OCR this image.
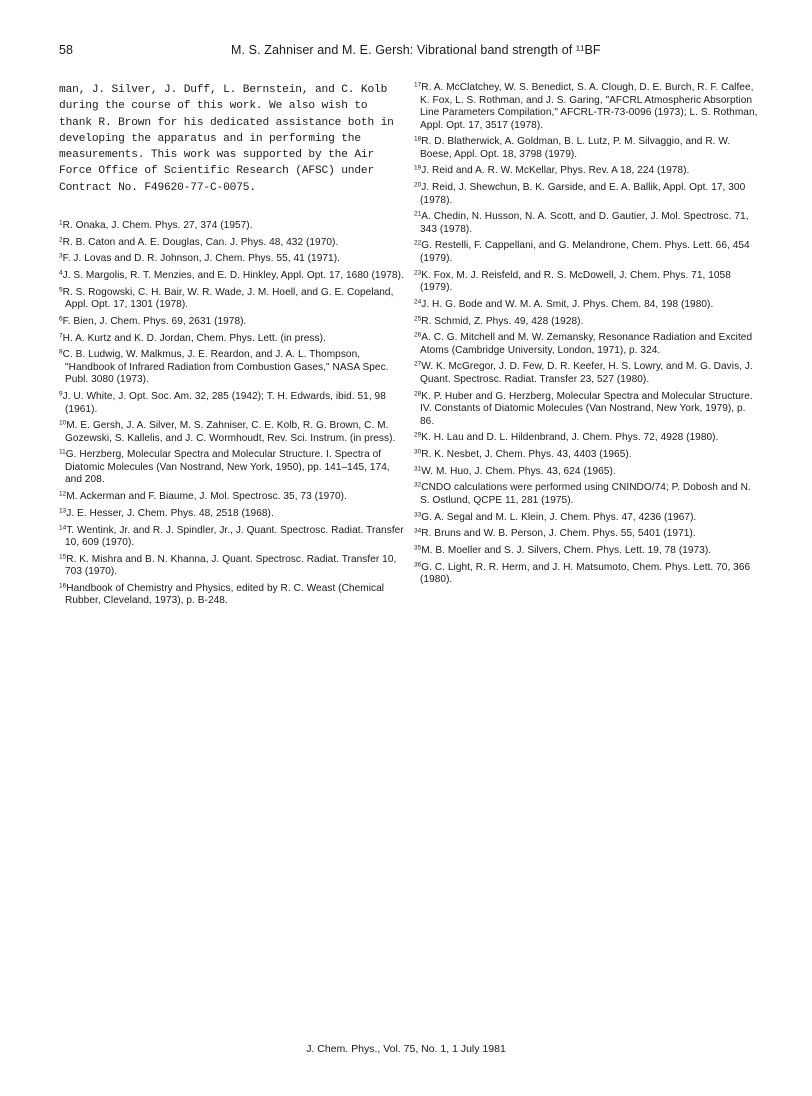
58	M. S. Zahniser and M. E. Gersh: Vibrational band strength of ¹¹BF

man, J. Silver, J. Duff, L. Bernstein, and C. Kolb during the course of this work. We also wish to thank R. Brown for his dedicated assistance both in developing the apparatus and in performing the measurements. This work was supported by the Air Force Office of Scientific Research (AFSC) under Contract No. F49620-77-C-0075.

$^1$R. Onaka, J. Chem. Phys. 27, 374 (1957).
$^2$R. B. Caton and A. E. Douglas, Can. J. Phys. 48, 432 (1970).
$^3$F. J. Lovas and D. R. Johnson, J. Chem. Phys. 55, 41 (1971).
$^4$J. S. Margolis, R. T. Menzies, and E. D. Hinkley, Appl. Opt. 17, 1680 (1978).
$^5$R. S. Rogowski, C. H. Bair, W. R. Wade, J. M. Hoell, and G. E. Copeland, Appl. Opt. 17, 1301 (1978).
$^6$F. Bien, J. Chem. Phys. 69, 2631 (1978).
$^7$H. A. Kurtz and K. D. Jordan, Chem. Phys. Lett. (in press).
$^8$C. B. Ludwig, W. Malkmus, J. E. Reardon, and J. A. L. Thompson, "Handbook of Infrared Radiation from Combustion Gases," NASA Spec. Publ. 3080 (1973).
$^9$J. U. White, J. Opt. Soc. Am. 32, 285 (1942); T. H. Edwards, ibid. 51, 98 (1961).
$^{10}$M. E. Gersh, J. A. Silver, M. S. Zahniser, C. E. Kolb, R. G. Brown, C. M. Gozewski, S. Kallelis, and J. C. Wormhoudt, Rev. Sci. Instrum. (in press).
$^{11}$G. Herzberg, Molecular Spectra and Molecular Structure. I. Spectra of Diatomic Molecules (Van Nostrand, New York, 1950), pp. 141–145, 174, and 208.
$^{12}$M. Ackerman and F. Biaume, J. Mol. Spectrosc. 35, 73 (1970).
$^{13}$J. E. Hesser, J. Chem. Phys. 48, 2518 (1968).
$^{14}$T. Wentink, Jr. and R. J. Spindler, Jr., J. Quant. Spectrosc. Radiat. Transfer 10, 609 (1970).
$^{15}$R. K. Mishra and B. N. Khanna, J. Quant. Spectrosc. Radiat. Transfer 10, 703 (1970).
$^{16}$Handbook of Chemistry and Physics, edited by R. C. Weast (Chemical Rubber, Cleveland, 1973), p. B-248.
$^{17}$R. A. McClatchey, W. S. Benedict, S. A. Clough, D. E. Burch, R. F. Calfee, K. Fox, L. S. Rothman, and J. S. Garing, "AFCRL Atmospheric Absorption Line Parameters Compilation," AFCRL-TR-73-0096 (1973); L. S. Rothman, Appl. Opt. 17, 3517 (1978).
$^{18}$R. D. Blatherwick, A. Goldman, B. L. Lutz, P. M. Silvaggio, and R. W. Boese, Appl. Opt. 18, 3798 (1979).
$^{19}$J. Reid and A. R. W. McKellar, Phys. Rev. A 18, 224 (1978).
$^{20}$J. Reid, J. Shewchun, B. K. Garside, and E. A. Ballik, Appl. Opt. 17, 300 (1978).
$^{21}$A. Chedin, N. Husson, N. A. Scott, and D. Gautier, J. Mol. Spectrosc. 71, 343 (1978).
$^{22}$G. Restelli, F. Cappellani, and G. Melandrone, Chem. Phys. Lett. 66, 454 (1979).
$^{23}$K. Fox, M. J. Reisfeld, and R. S. McDowell, J. Chem. Phys. 71, 1058 (1979).
$^{24}$J. H. G. Bode and W. M. A. Smit, J. Phys. Chem. 84, 198 (1980).
$^{25}$R. Schmid, Z. Phys. 49, 428 (1928).
$^{26}$A. C. G. Mitchell and M. W. Zemansky, Resonance Radiation and Excited Atoms (Cambridge University, London, 1971), p. 324.
$^{27}$W. K. McGregor, J. D. Few, D. R. Keefer, H. S. Lowry, and M. G. Davis, J. Quant. Spectrosc. Radiat. Transfer 23, 527 (1980).
$^{28}$K. P. Huber and G. Herzberg, Molecular Spectra and Molecular Structure. IV. Constants of Diatomic Molecules (Van Nostrand, New York, 1979), p. 86.
$^{29}$K. H. Lau and D. L. Hildenbrand, J. Chem. Phys. 72, 4928 (1980).
$^{30}$R. K. Nesbet, J. Chem. Phys. 43, 4403 (1965).
$^{31}$W. M. Huo, J. Chem. Phys. 43, 624 (1965).
$^{32}$CNDO calculations were performed using CNINDO/74; P. Dobosh and N. S. Ostlund, QCPE 11, 281 (1975).
$^{33}$G. A. Segal and M. L. Klein, J. Chem. Phys. 47, 4236 (1967).
$^{34}$R. Bruns and W. B. Person, J. Chem. Phys. 55, 5401 (1971).
$^{35}$M. B. Moeller and S. J. Silvers, Chem. Phys. Lett. 19, 78 (1973).
$^{36}$G. C. Light, R. R. Herm, and J. H. Matsumoto, Chem. Phys. Lett. 70, 366 (1980).
J. Chem. Phys., Vol. 75, No. 1, 1 July 1981
